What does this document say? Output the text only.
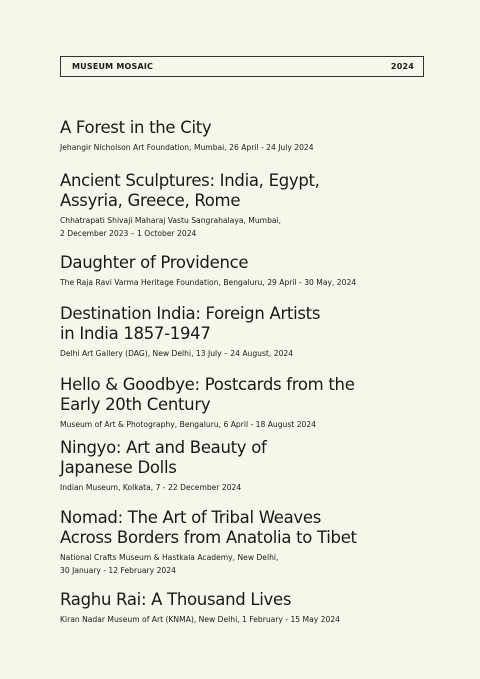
MUSEUM MOSAIC	2024
A Forest in the City
Jehangir Nicholson Art Foundation, Mumbai, 26 April - 24 July 2024
Ancient Sculptures: India, Egypt,
Assyria, Greece, Rome
Chhatrapati Shivaji Maharaj Vastu Sangrahalaya, Mumbai,
2 December 2023 – 1 October 2024
Daughter of Providence
The Raja Ravi Varma Heritage Foundation, Bengaluru, 29 April - 30 May, 2024
Destination India: Foreign Artists
in India 1857-1947
Delhi Art Gallery (DAG), New Delhi, 13 July – 24 August, 2024
Hello & Goodbye: Postcards from the
Early 20th Century
Museum of Art & Photography, Bengaluru, 6 April - 18 August 2024
Ningyo: Art and Beauty of
Japanese Dolls
Indian Museum, Kolkata, 7 - 22 December 2024
Nomad: The Art of Tribal Weaves
Across Borders from Anatolia to Tibet
National Crafts Museum & Hastkala Academy, New Delhi,
30 January - 12 February 2024
Raghu Rai: A Thousand Lives
Kiran Nadar Museum of Art (KNMA), New Delhi, 1 February - 15 May 2024
